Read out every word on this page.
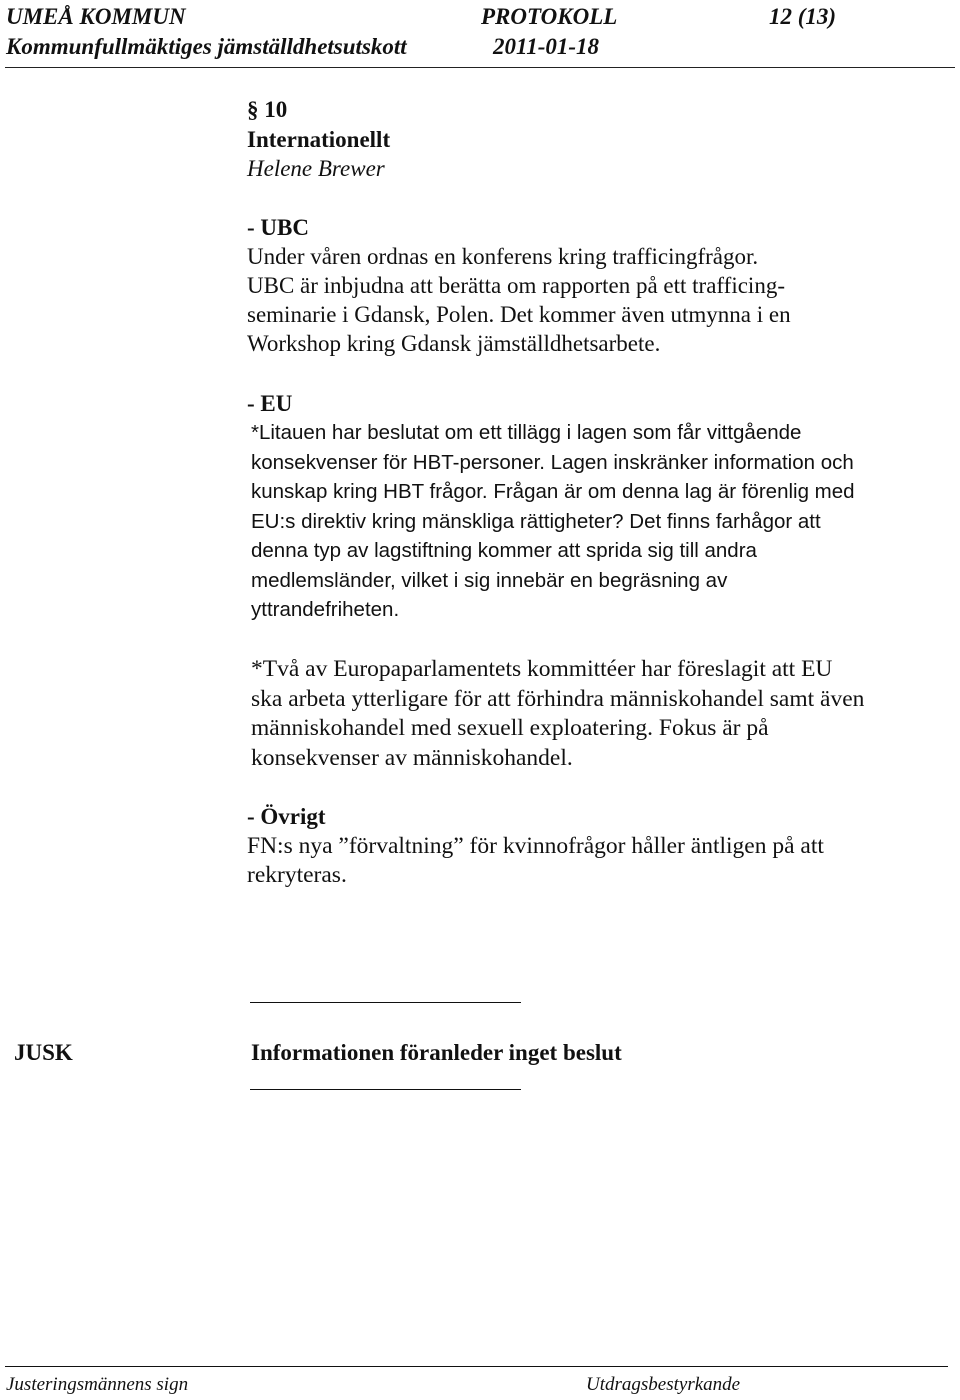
UMEÅ KOMMUN	PROTOKOLL	12 (13)
Kommunfullmäktiges jämställdhetsutskott	2011-01-18
§ 10
Internationellt
Helene Brewer
- UBC
Under våren ordnas en konferens kring trafficingfrågor.
UBC är inbjudna att berätta om rapporten på ett trafficing-
seminarie i Gdansk, Polen. Det kommer även utmynna i en
Workshop kring Gdansk jämställdhetsarbete.
- EU
*Litauen har beslutat om ett tillägg i lagen som får vittgående
konsekvenser för HBT-personer. Lagen inskränker information och
kunskap kring HBT frågor. Frågan är om denna lag är förenlig med
EU:s direktiv kring mänskliga rättigheter? Det finns farhågor att
denna typ av lagstiftning kommer att sprida sig till andra
medlemsländer, vilket i sig innebär en begräsning av
yttrandefriheten.
*Två av Europaparlamentets kommittéer har föreslagit att EU
ska arbeta ytterligare för att förhindra människohandel samt även
människohandel med sexuell exploatering. Fokus är på
konsekvenser av människohandel.
- Övrigt
FN:s nya ”förvaltning” för kvinnofrågor håller äntligen på att
rekryteras.
JUSK	Informationen föranleder inget beslut
Justeringsmännens sign	Utdragsbestyrkande
